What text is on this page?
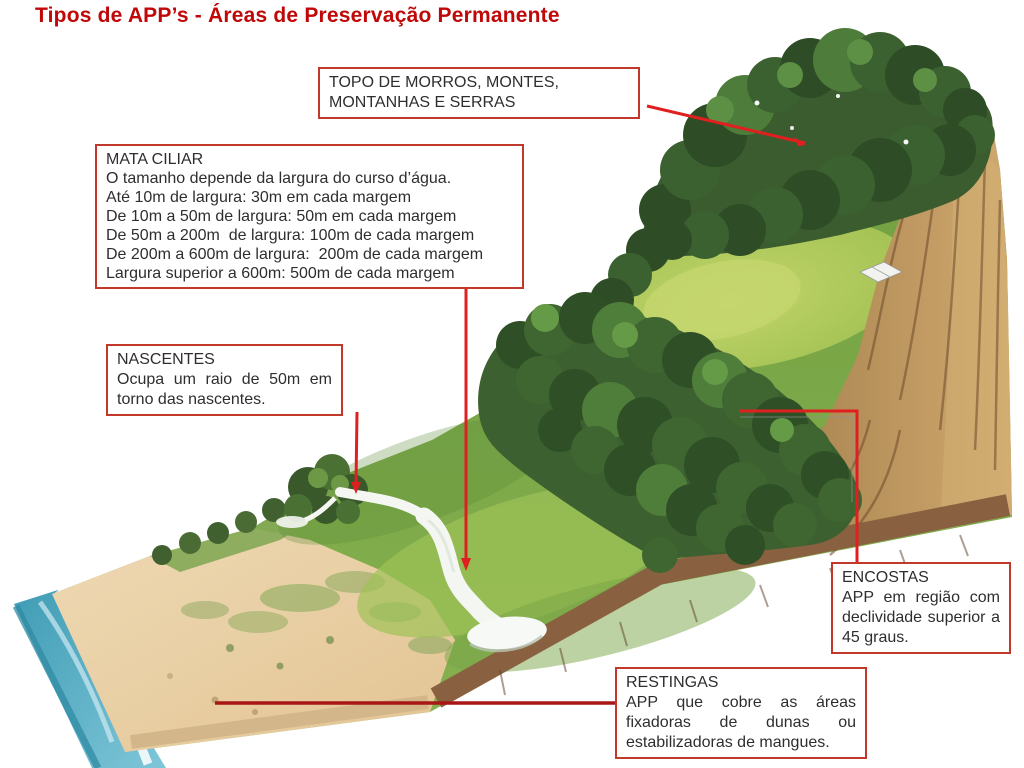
Tipos de APP’s - Áreas de Preservação Permanente
TOPO DE MORROS, MONTES, MONTANHAS E SERRAS
MATA CILIAR
O tamanho depende da largura do curso d’água.
Até 10m de largura: 30m em cada margem
De 10m a 50m de largura: 50m em cada margem
De 50m a 200m  de largura: 100m de cada margem
De 200m a 600m de largura:  200m de cada margem
Largura superior a 600m: 500m de cada margem
NASCENTES
Ocupa um raio de 50m em torno das nascentes.
ENCOSTAS
APP em região com declividade superior a 45 graus.
RESTINGAS
APP que cobre as áreas fixadoras de dunas ou estabilizadoras de mangues.
